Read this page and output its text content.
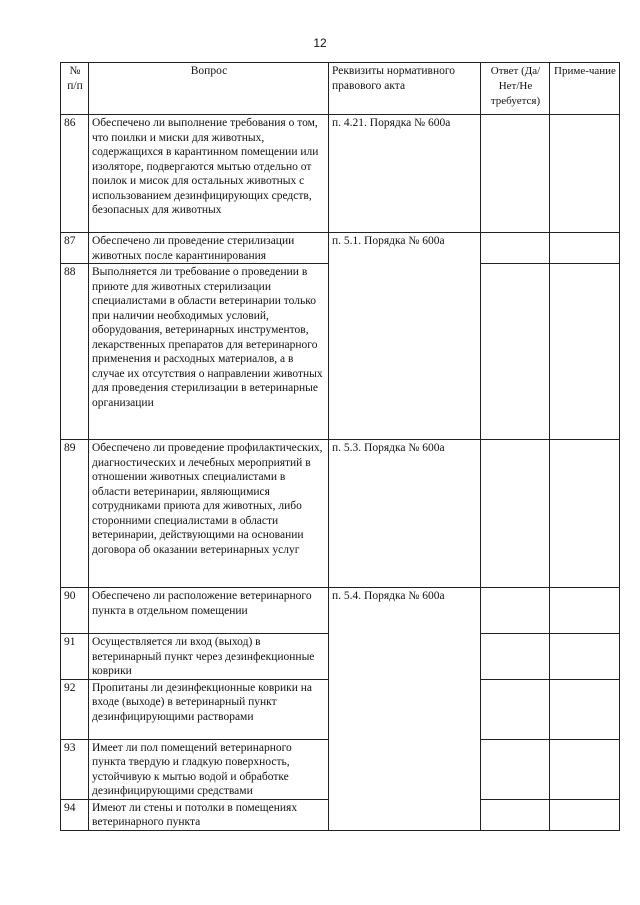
12
№ п/п	Вопрос	Реквизиты нормативного правового акта	Ответ (Да/ Нет/Не требуется)	Приме-чание
86	Обеспечено ли выполнение требования о том, что поилки и миски для животных, содержащихся в карантинном помещении или изоляторе, подвергаются мытью отдельно от поилок и мисок для остальных животных с использованием дезинфицирующих средств, безопасных для животных	п. 4.21. Порядка № 600а	

87	Обеспечено ли проведение стерилизации животных после карантинирования	п. 5.1. Порядка № 600а	

88	Выполняется ли требование о проведении в приюте для животных стерилизации специалистами в области ветеринарии только при наличии необходимых условий, оборудования, ветеринарных инструментов, лекарственных препаратов для ветеринарного применения и расходных материалов, а в случае их отсутствия о направлении животных для проведения стерилизации в ветеринарные организации		

89	Обеспечено ли проведение профилактических, диагностических и лечебных мероприятий в отношении животных специалистами в области ветеринарии, являющимися сотрудниками приюта для животных, либо сторонними специалистами в области ветеринарии, действующими на основании договора об оказании ветеринарных услуг	п. 5.3. Порядка № 600а	

90	Обеспечено ли расположение ветеринарного пункта в отдельном помещении	п. 5.4. Порядка № 600а	

91	Осуществляется ли вход (выход) в ветеринарный пункт через дезинфекционные коврики		

92	Пропитаны ли дезинфекционные коврики на входе (выходе) в ветеринарный пункт дезинфицирующими растворами		

93	Имеет ли пол помещений ветеринарного пункта твердую и гладкую поверхность, устойчивую к мытью водой и обработке дезинфицирующими средствами		

94	Имеют ли стены и потолки в помещениях ветеринарного пункта		
